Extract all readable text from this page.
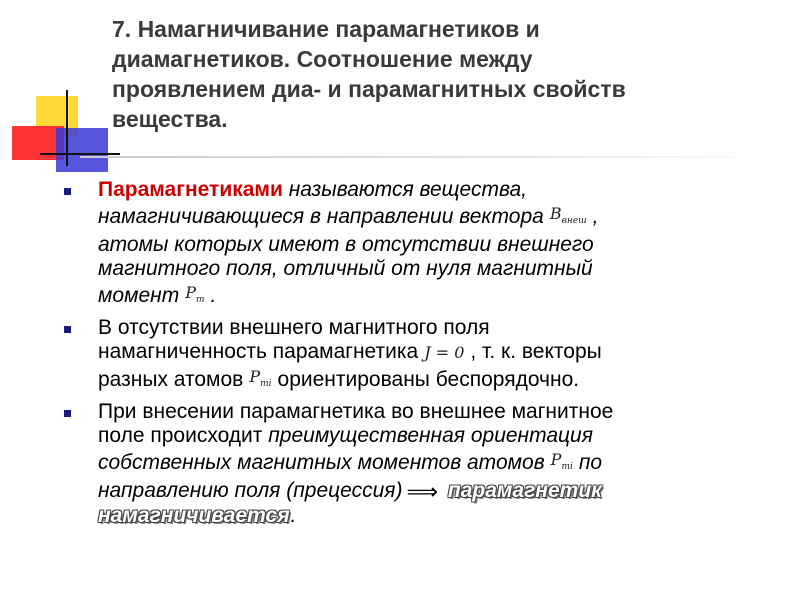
7. Намагничивание парамагнетиков и
диамагнетиков. Соотношение между
проявлением диа- и парамагнитных свойств
вещества.
Парамагнетиками называются вещества,
намагничивающиеся в направлении вектора $B_{внеш}$ ,
атомы которых имеют в отсутствии внешнего
магнитного поля, отличный от нуля магнитный
момент $P_m$ .
В отсутствии внешнего магнитного поля
намагниченность парамагнетика J = 0 , т. к. векторы
разных атомов $P_{mi}$ ориентированы беспорядочно.
При внесении парамагнетика во внешнее магнитное
поле происходит преимущественная ориентация
собственных магнитных моментов атомов $P_{mi}$ по
направлению поля (прецессия) ⟹ парамагнетик
намагничивается.
